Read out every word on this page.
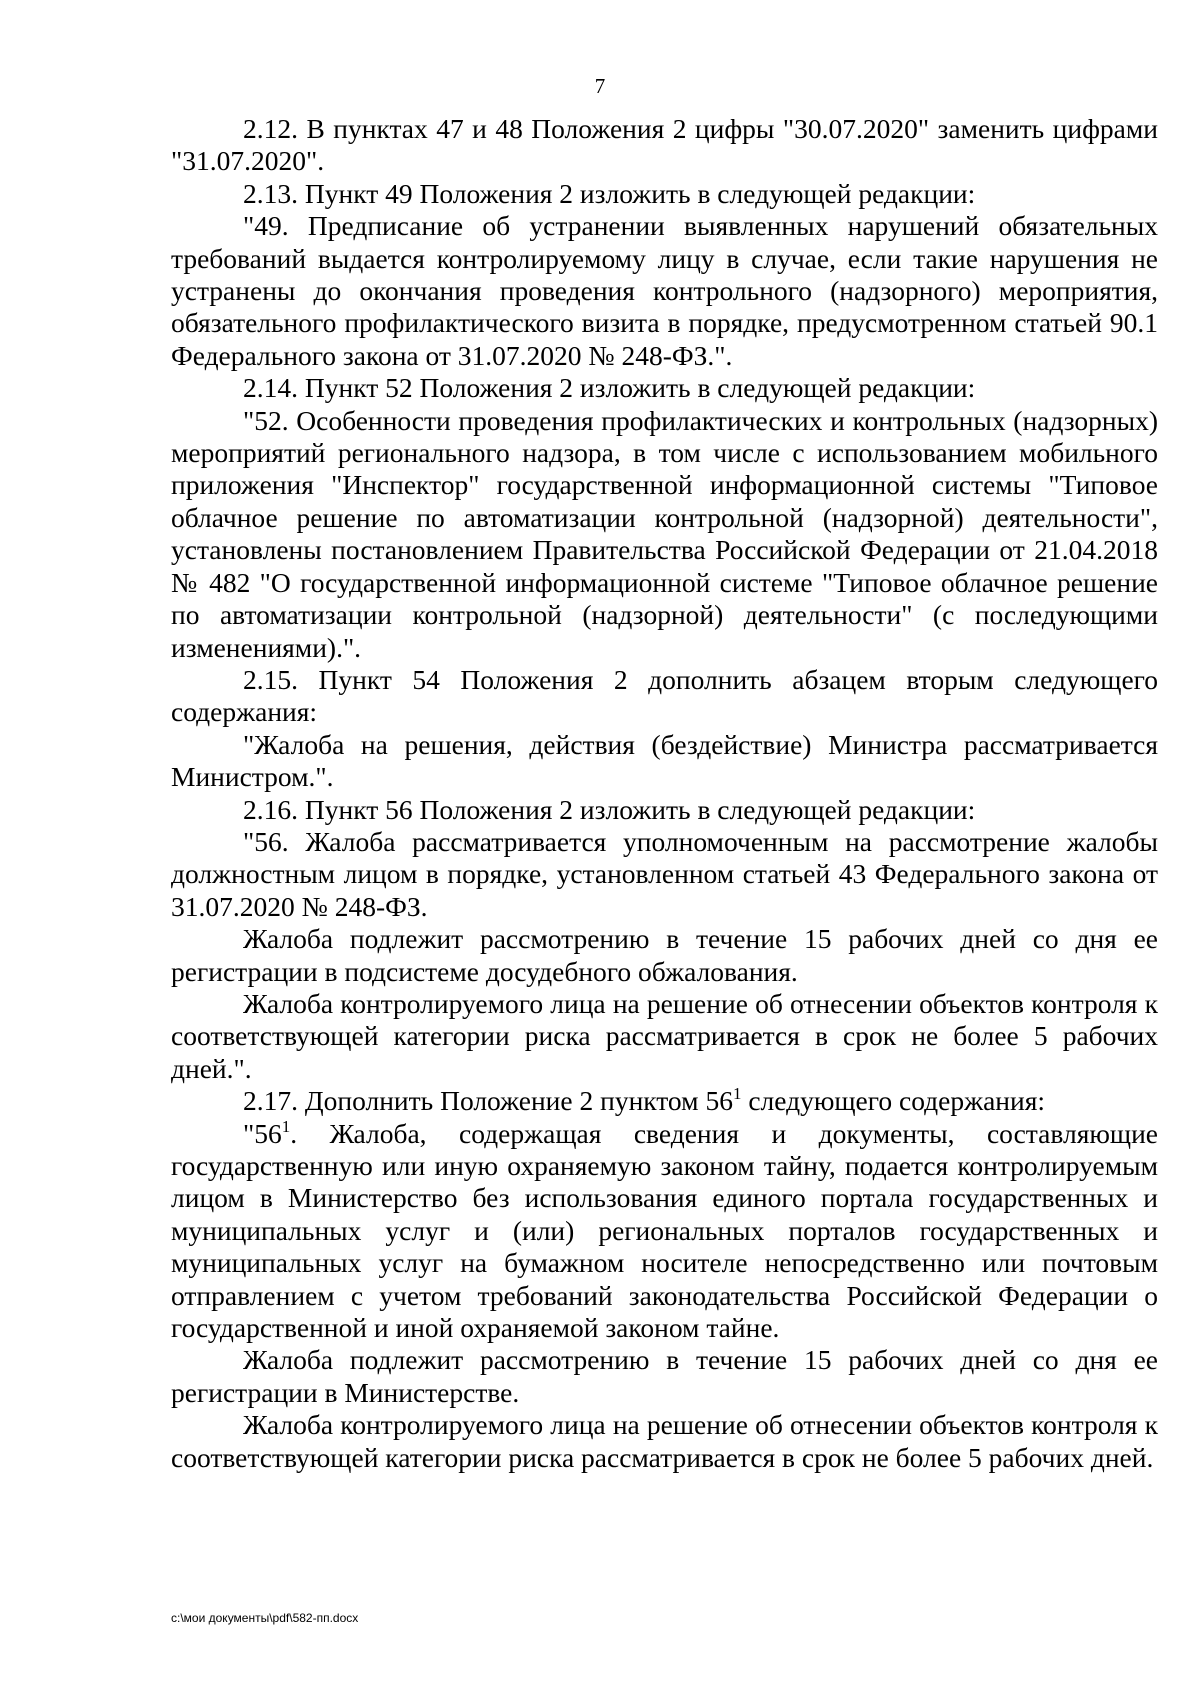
7

2.12. В пунктах 47 и 48 Положения 2 цифры "30.07.2020" заменить цифрами "31.07.2020".

2.13. Пункт 49 Положения 2 изложить в следующей редакции:

"49. Предписание об устранении выявленных нарушений обязательных требований выдается контролируемому лицу в случае, если такие нарушения не устранены до окончания проведения контрольного (надзорного) мероприятия, обязательного профилактического визита в порядке, предусмотренном статьей 90.1 Федерального закона от 31.07.2020 № 248-ФЗ.".

2.14. Пункт 52 Положения 2 изложить в следующей редакции:

"52. Особенности проведения профилактических и контрольных (надзорных) мероприятий регионального надзора, в том числе с использованием мобильного приложения "Инспектор" государственной информационной системы "Типовое облачное решение по автоматизации контрольной (надзорной) деятельности", установлены постановлением Правительства Российской Федерации от 21.04.2018 № 482 "О государственной информационной системе "Типовое облачное решение по автоматизации контрольной (надзорной) деятельности" (с последующими изменениями).".

2.15. Пункт 54 Положения 2 дополнить абзацем вторым следующего содержания:

"Жалоба на решения, действия (бездействие) Министра рассматривается Министром.".

2.16. Пункт 56 Положения 2 изложить в следующей редакции:

"56. Жалоба рассматривается уполномоченным на рассмотрение жалобы должностным лицом в порядке, установленном статьей 43 Федерального закона от 31.07.2020 № 248-ФЗ.

Жалоба подлежит рассмотрению в течение 15 рабочих дней со дня ее регистрации в подсистеме досудебного обжалования.

Жалоба контролируемого лица на решение об отнесении объектов контроля к соответствующей категории риска рассматривается в срок не более 5 рабочих дней.".

2.17. Дополнить Положение 2 пунктом $56^1$ следующего содержания:

"$56^1$. Жалоба, содержащая сведения и документы, составляющие государственную или иную охраняемую законом тайну, подается контролируемым лицом в Министерство без использования единого портала государственных и муниципальных услуг и (или) региональных порталов государственных и муниципальных услуг на бумажном носителе непосредственно или почтовым отправлением с учетом требований законодательства Российской Федерации о государственной и иной охраняемой законом тайне.

Жалоба подлежит рассмотрению в течение 15 рабочих дней со дня ее регистрации в Министерстве.

Жалоба контролируемого лица на решение об отнесении объектов контроля к соответствующей категории риска рассматривается в срок не более 5 рабочих дней.

c:\мои документы\pdf\582-пп.docx
